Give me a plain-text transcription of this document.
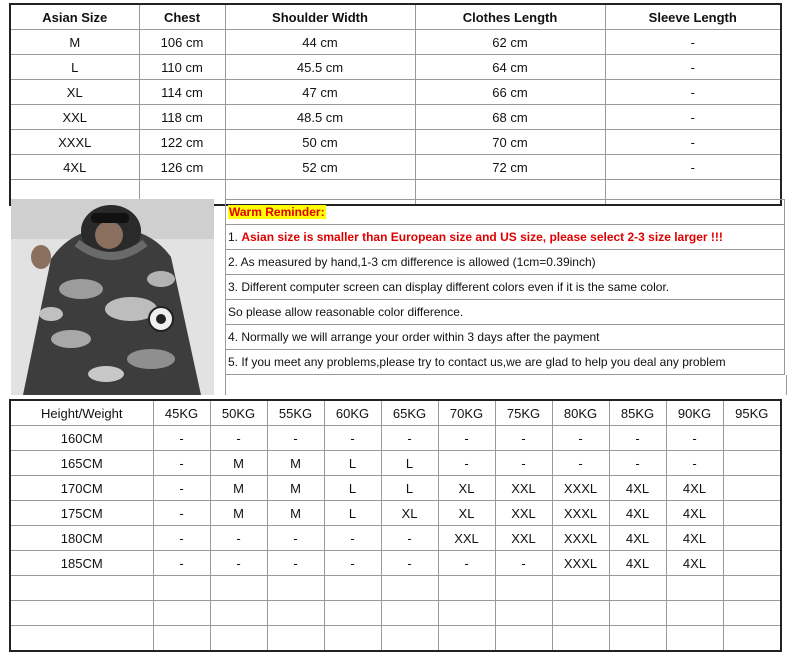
Asian Size	Chest	Shoulder Width	Clothes Length	Sleeve Length
M	106 cm	44 cm	62 cm	-
L	110 cm	45.5 cm	64 cm	-
XL	114 cm	47 cm	66 cm	-
XXL	118 cm	48.5 cm	68 cm	-
XXXL	122 cm	50 cm	70 cm	-
4XL	126 cm	52 cm	72 cm	-

Warm Reminder:
1. Asian size is smaller than European size and US size, please select 2-3 size larger !!!
2. As measured by hand,1-3 cm difference is allowed (1cm=0.39inch)
3. Different computer screen can display different colors even if it is the same color.
So please allow reasonable color difference.
4. Normally we will arrange your order within 3 days after the payment
5. If you meet any problems,please try to contact us,we are glad to help you deal any problem
Height/Weight	45KG	50KG	55KG	60KG	65KG	70KG	75KG	80KG	85KG	90KG	95KG
160CM	-	-	-	-	-	-	-	-	-	-	
165CM	-	M	M	L	L	-	-	-	-	-	
170CM	-	M	M	L	L	XL	XXL	XXXL	4XL	4XL	
175CM	-	M	M	L	XL	XL	XXL	XXXL	4XL	4XL	
180CM	-	-	-	-	-	XXL	XXL	XXXL	4XL	4XL	
185CM	-	-	-	-	-	-	-	XXXL	4XL	4XL	
